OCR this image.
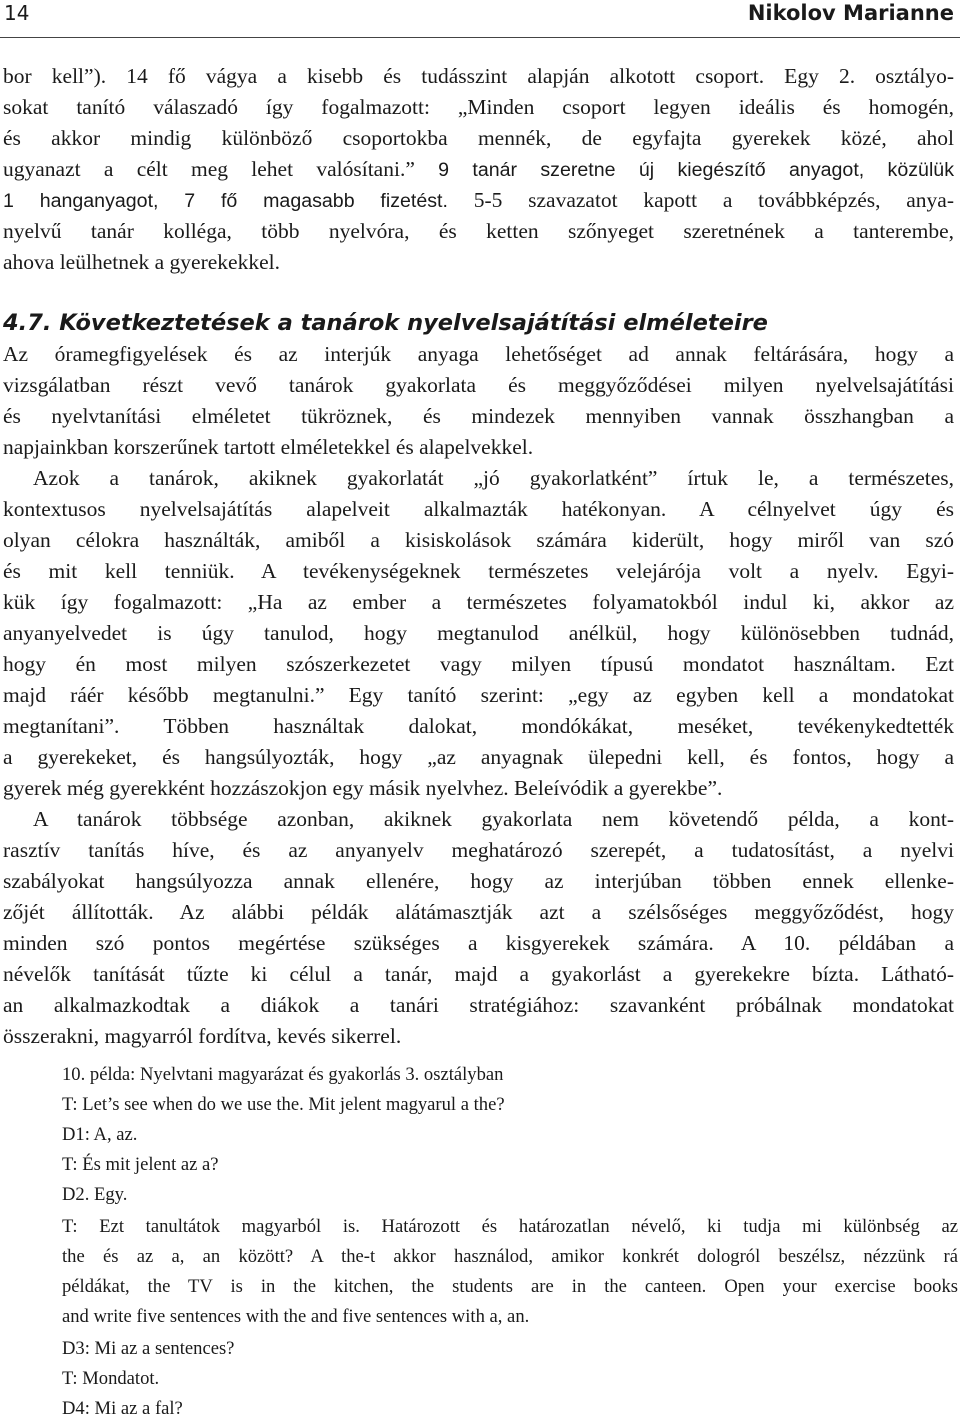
14	Nikolov Marianne
bor kell”). 14 fő vágya a kisebb és tudásszint alapján alkotott csoport. Egy 2. osztályo-
sokat tanító válaszadó így fogalmazott: „Minden csoport legyen ideális és homogén,
és akkor mindig különböző csoportokba mennék, de egyfajta gyerekek közé, ahol
ugyanazt a célt meg lehet valósítani.” 9 tanár szeretne új kiegészítő anyagot, közülük
1 hanganyagot, 7 fő magasabb fizetést. 5-5 szavazatot kapott a továbbképzés, anya-
nyelvű tanár kolléga, több nyelvóra, és ketten szőnyeget szeretnének a tanterembe,
ahova leülhetnek a gyerekekkel.
4.7. Következtetések a tanárok nyelvelsajátítási elméleteire
Az óramegfigyelések és az interjúk anyaga lehetőséget ad annak feltárására, hogy a
vizsgálatban részt vevő tanárok gyakorlata és meggyőződései milyen nyelvelsajátítási
és nyelvtanítási elméletet tükröznek, és mindezek mennyiben vannak összhangban a
napjainkban korszerűnek tartott elméletekkel és alapelvekkel.
Azok a tanárok, akiknek gyakorlatát „jó gyakorlatként” írtuk le, a természetes,
kontextusos nyelvelsajátítás alapelveit alkalmazták hatékonyan. A célnyelvet úgy és
olyan célokra használták, amiből a kisiskolások számára kiderült, hogy miről van szó
és mit kell tenniük. A tevékenységeknek természetes velejárója volt a nyelv. Egyi-
kük így fogalmazott: „Ha az ember a természetes folyamatokból indul ki, akkor az
anyanyelvedet is úgy tanulod, hogy megtanulod anélkül, hogy különösebben tudnád,
hogy én most milyen szószerkezetet vagy milyen típusú mondatot használtam. Ezt
majd ráér később megtanulni.” Egy tanító szerint: „egy az egyben kell a mondatokat
megtanítani”. Többen használtak dalokat, mondókákat, meséket, tevékenykedtették
a gyerekeket, és hangsúlyozták, hogy „az anyagnak ülepedni kell, és fontos, hogy a
gyerek még gyerekként hozzászokjon egy másik nyelvhez. Beleívódik a gyerekbe”.
A tanárok többsége azonban, akiknek gyakorlata nem követendő példa, a kont-
rasztív tanítás híve, és az anyanyelv meghatározó szerepét, a tudatosítást, a nyelvi
szabályokat hangsúlyozza annak ellenére, hogy az interjúban többen ennek ellenke-
zőjét állították. Az alábbi példák alátámasztják azt a szélsőséges meggyőződést, hogy
minden szó pontos megértése szükséges a kisgyerekek számára. A 10. példában a
névelők tanítását tűzte ki célul a tanár, majd a gyakorlást a gyerekekre bízta. Látható-
an alkalmazkodtak a diákok a tanári stratégiához: szavanként próbálnak mondatokat
összerakni, magyarról fordítva, kevés sikerrel.
10. példa: Nyelvtani magyarázat és gyakorlás 3. osztályban
T: Let’s see when do we use the. Mit jelent magyarul a the?
D1: A, az.
T: És mit jelent az a?
D2. Egy.
T: Ezt tanultátok magyarból is. Határozott és határozatlan névelő, ki tudja mi különbség az
the és az a, an között? A the-t akkor használod, amikor konkrét dologról beszélsz, nézzünk rá
példákat, the TV is in the kitchen, the students are in the canteen. Open your exercise books
and write five sentences with the and five sentences with a, an.
D3: Mi az a sentences?
T: Mondatot.
D4: Mi az a fal?
